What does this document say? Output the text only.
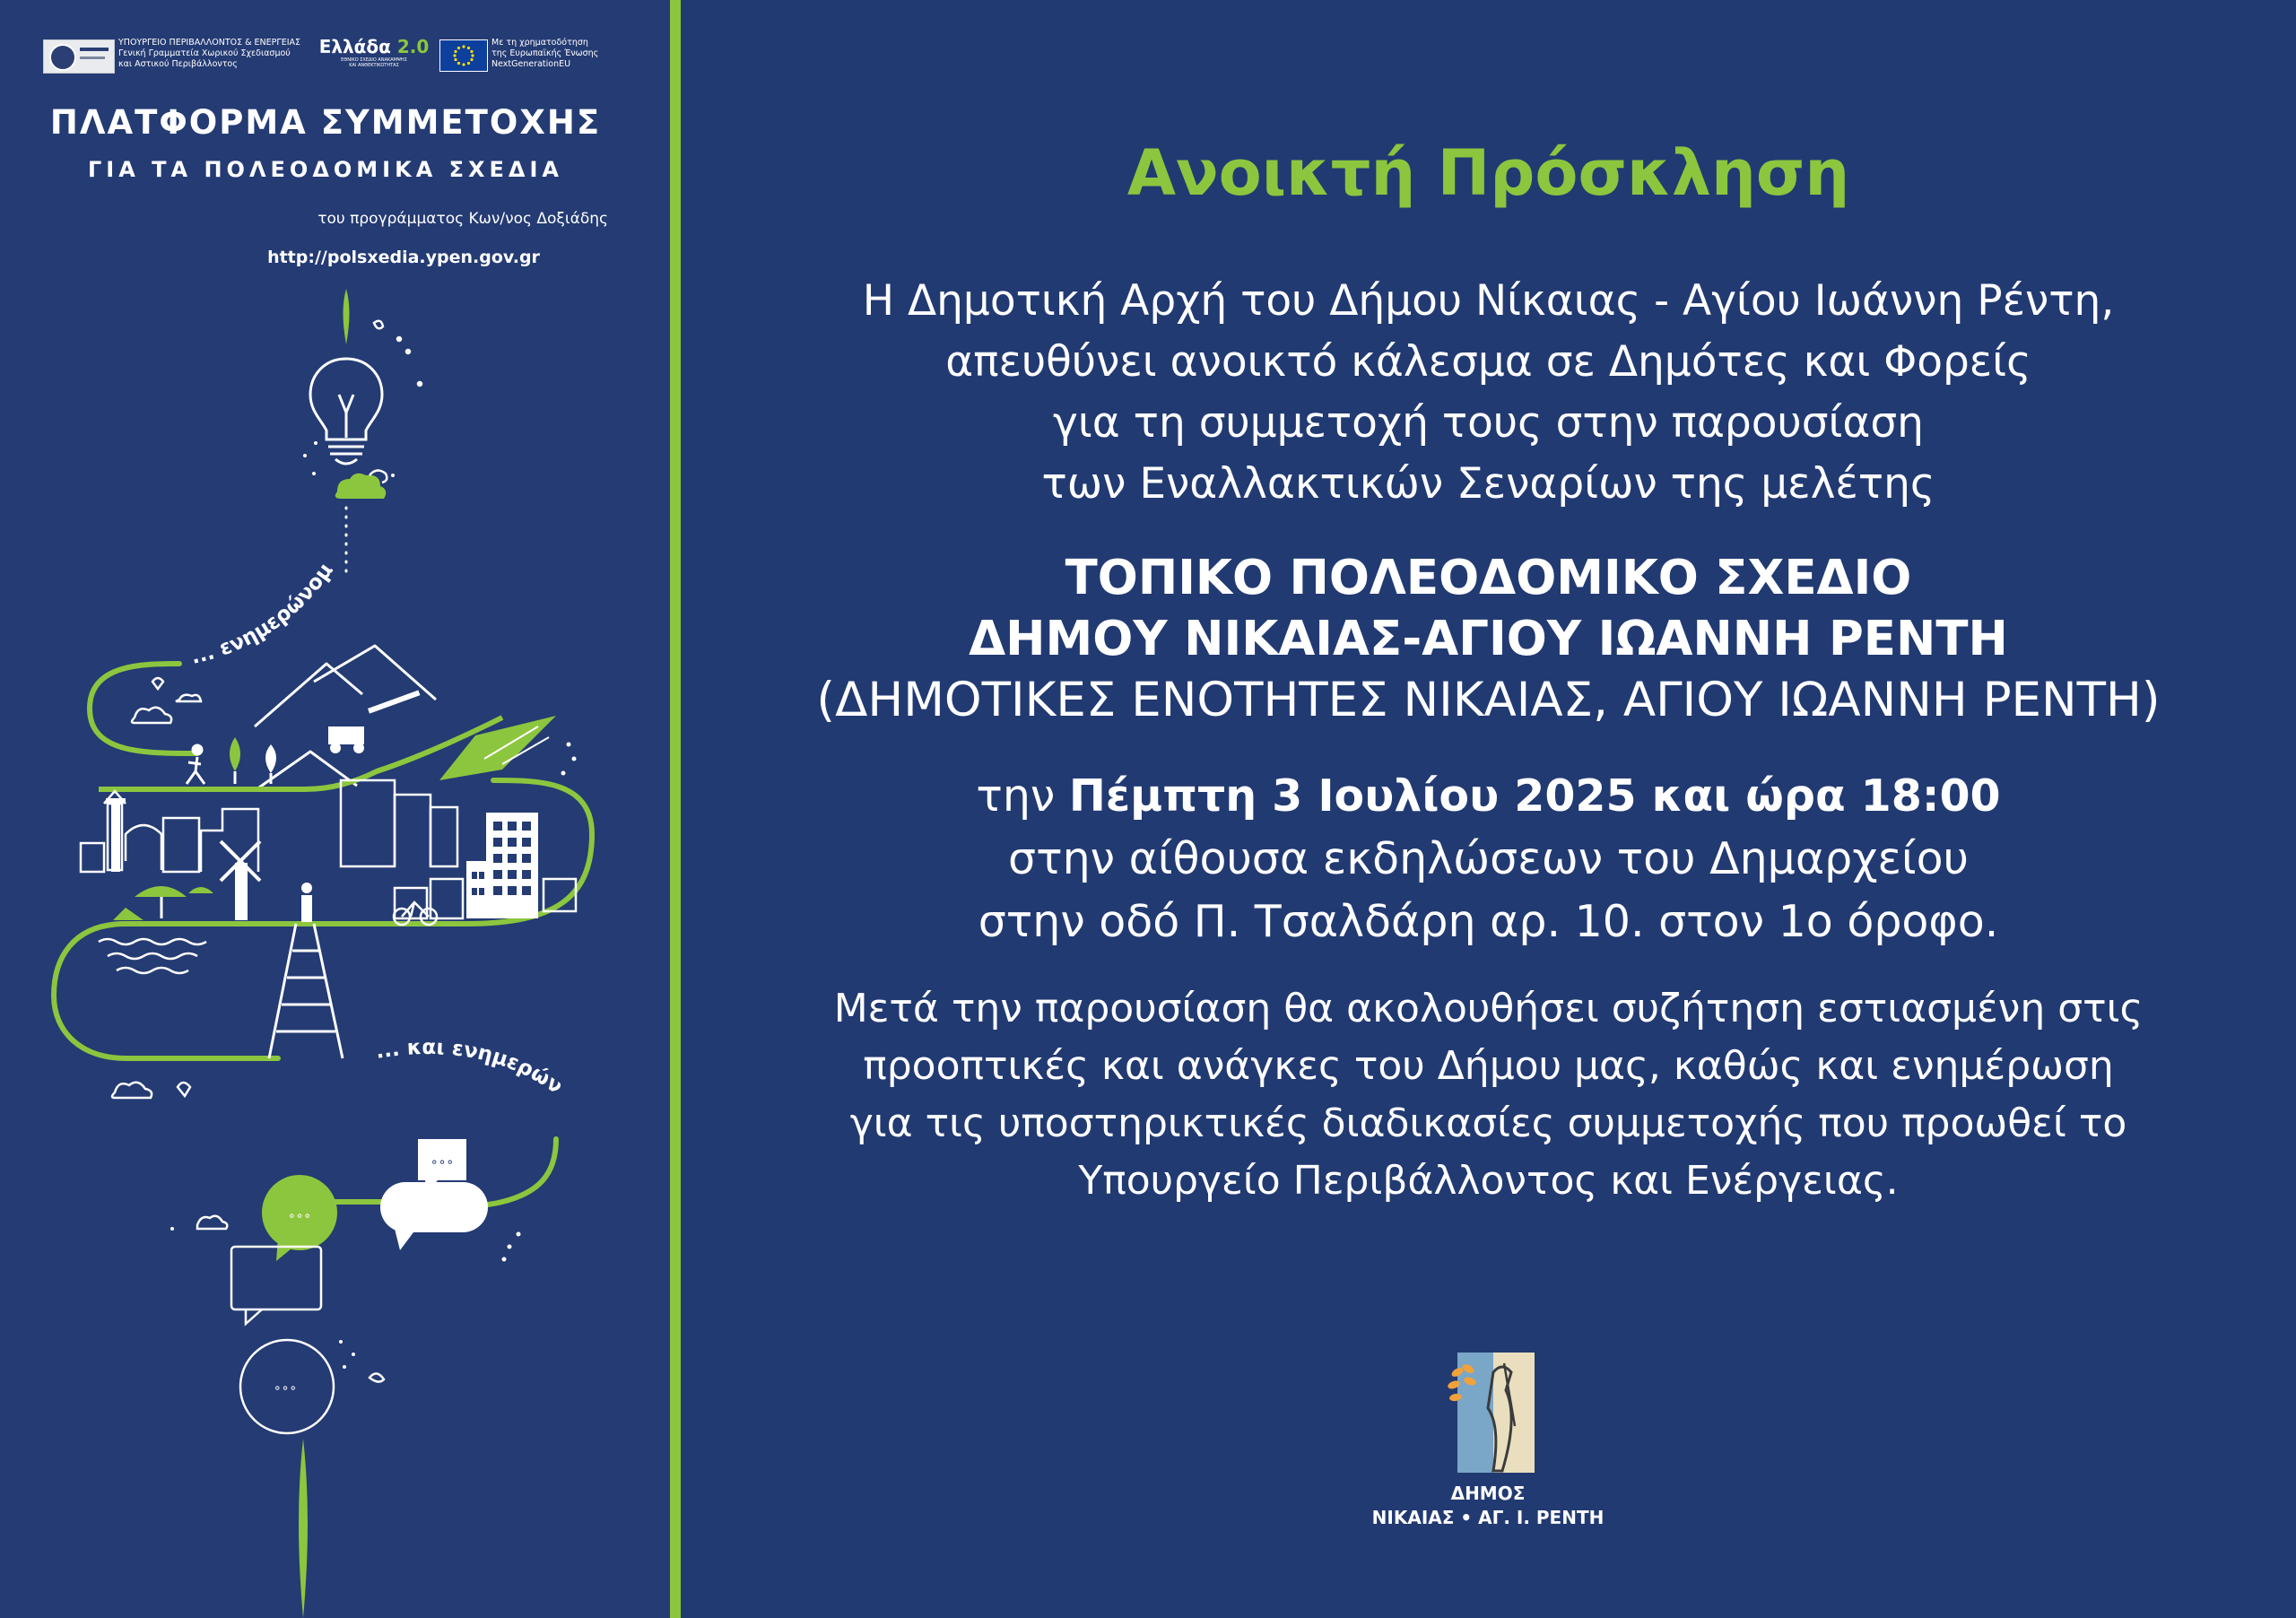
ΥΠΟΥΡΓΕΙΟ ΠΕΡΙΒΑΛΛΟΝΤΟΣ & ΕΝΕΡΓΕΙΑΣ
Γενική Γραμματεία Χωρικού Σχεδιασμού
και Αστικού Περιβάλλοντος
Ελλάδα 2.0
ΕΘΝΙΚΟ ΣΧΕΔΙΟ ΑΝΑΚΑΜΨΗΣ
ΚΑΙ ΑΝΘΕΚΤΙΚΟΤΗΤΑΣ
Με τη χρηματοδότηση
της Ευρωπαϊκής Ένωσης
NextGenerationEU
ΠΛΑΤΦΟΡΜΑ ΣΥΜΜΕΤΟΧΗΣ
ΓΙΑ ΤΑ ΠΟΛΕΟΔΟΜΙΚΑ ΣΧΕΔΙΑ
του προγράμματος Κων/νος Δοξιάδης
http://polsxedia.ypen.gov.gr
... ενημερώνομ
... και ενημερών
∘∘∘
∘∘∘
∘∘∘
Ανοικτή Πρόσκληση
Η Δημοτική Αρχή του Δήμου Νίκαιας - Αγίου Ιωάννη Ρέντη,
απευθύνει ανοικτό κάλεσμα σε Δημότες και Φορείς
για τη συμμετοχή τους στην παρουσίαση
των Εναλλακτικών Σεναρίων της μελέτης
ΤΟΠΙΚΟ ΠΟΛΕΟΔΟΜΙΚΟ ΣΧΕΔΙΟ
ΔΗΜΟΥ ΝΙΚΑΙΑΣ-ΑΓΙΟΥ ΙΩΑΝΝΗ ΡΕΝΤΗ
(ΔΗΜΟΤΙΚΕΣ ΕΝΟΤΗΤΕΣ ΝΙΚΑΙΑΣ, ΑΓΙΟΥ ΙΩΑΝΝΗ ΡΕΝΤΗ)
την Πέμπτη 3 Ιουλίου 2025 και ώρα 18:00
στην αίθουσα εκδηλώσεων του Δημαρχείου
στην οδό Π. Τσαλδάρη αρ. 10. στον 1ο όροφο.
Μετά την παρουσίαση θα ακολουθήσει συζήτηση εστιασμένη στις
προοπτικές και ανάγκες του Δήμου μας, καθώς και ενημέρωση
για τις υποστηρικτικές διαδικασίες συμμετοχής που προωθεί το
Υπουργείο Περιβάλλοντος και Ενέργειας.
ΔΗΜΟΣ
ΝΙΚΑΙΑΣ • ΑΓ. Ι. ΡΕΝΤΗ
